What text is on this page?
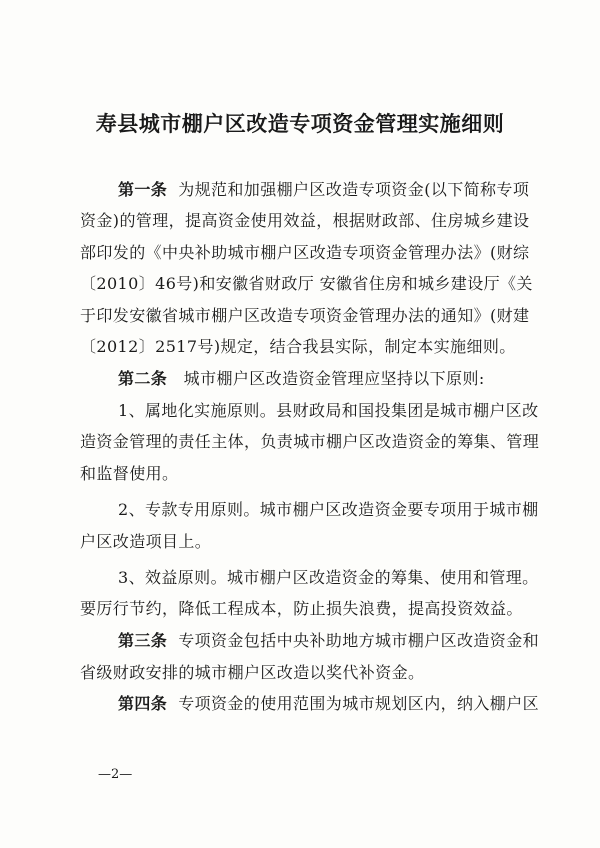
寿县城市棚户区改造专项资金管理实施细则
第一条 为规范和加强棚户区改造专项资金(以下简称专项
资金)的管理，提高资金使用效益，根据财政部、住房城乡建设
部印发的《中央补助城市棚户区改造专项资金管理办法》(财综
〔2010〕46号)和安徽省财政厅 安徽省住房和城乡建设厅《关
于印发安徽省城市棚户区改造专项资金管理办法的通知》(财建
〔2012〕2517号)规定，结合我县实际，制定本实施细则。
第二条 城市棚户区改造资金管理应坚持以下原则:
1、属地化实施原则。县财政局和国投集团是城市棚户区改
造资金管理的责任主体，负责城市棚户区改造资金的筹集、管理
和监督使用。
2、专款专用原则。城市棚户区改造资金要专项用于城市棚
户区改造项目上。
3、效益原则。城市棚户区改造资金的筹集、使用和管理。
要厉行节约，降低工程成本，防止损失浪费，提高投资效益。
第三条 专项资金包括中央补助地方城市棚户区改造资金和
省级财政安排的城市棚户区改造以奖代补资金。
第四条 专项资金的使用范围为城市规划区内，纳入棚户区
—2—
